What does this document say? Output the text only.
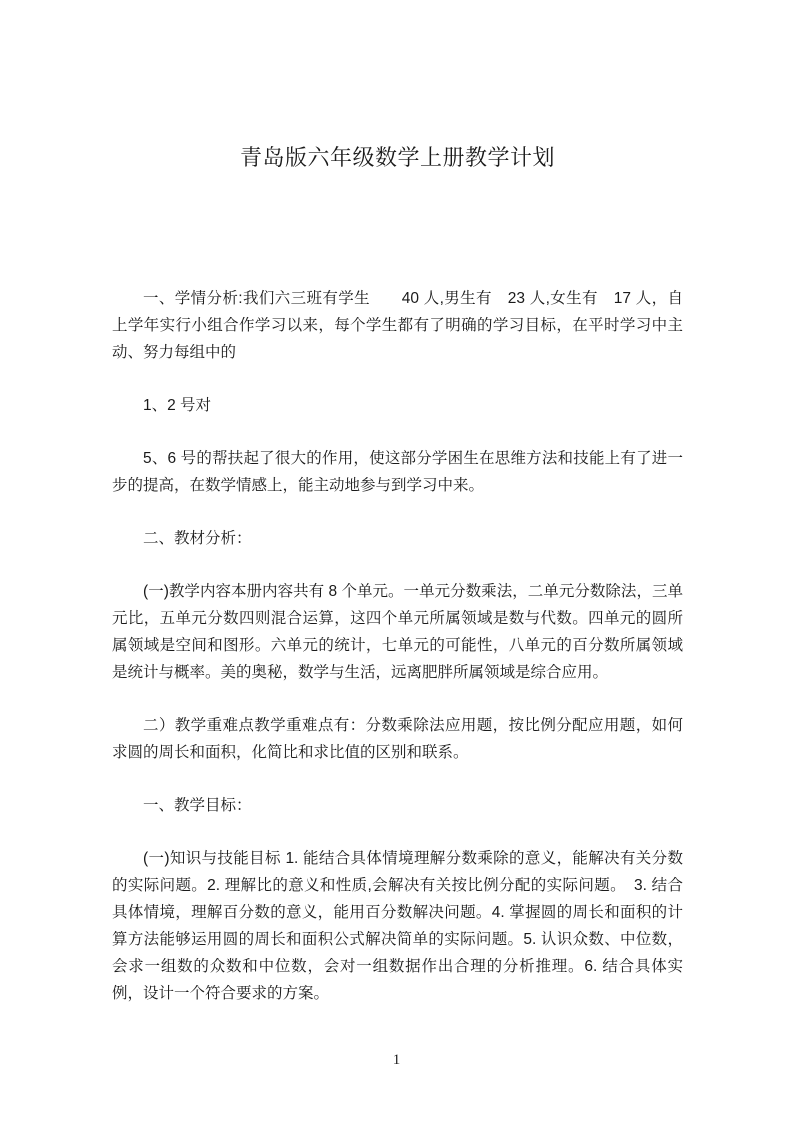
青岛版六年级数学上册教学计划

一、学情分析:我们六三班有学生　　40 人,男生有　23 人,女生有　17 人，自上学年实行小组合作学习以来，每个学生都有了明确的学习目标，在平时学习中主动、努力每组中的

1、2 号对

5、6 号的帮扶起了很大的作用，使这部分学困生在思维方法和技能上有了进一步的提高，在数学情感上，能主动地参与到学习中来。

二、教材分析：

(一)教学内容本册内容共有 8 个单元。一单元分数乘法，二单元分数除法，三单元比，五单元分数四则混合运算，这四个单元所属领域是数与代数。四单元的圆所属领域是空间和图形。六单元的统计，七单元的可能性，八单元的百分数所属领域是统计与概率。美的奥秘，数学与生活，远离肥胖所属领域是综合应用。

二）教学重难点教学重难点有：分数乘除法应用题，按比例分配应用题，如何求圆的周长和面积，化简比和求比值的区别和联系。

一、教学目标：

(一)知识与技能目标 1. 能结合具体情境理解分数乘除的意义，能解决有关分数的实际问题。2. 理解比的意义和性质,会解决有关按比例分配的实际问题。　3. 结合具体情境，理解百分数的意义，能用百分数解决问题。4. 掌握圆的周长和面积的计算方法能够运用圆的周长和面积公式解决简单的实际问题。5. 认识众数、中位数，会求一组数的众数和中位数，会对一组数据作出合理的分析推理。6. 结合具体实例，设计一个符合要求的方案。

1
